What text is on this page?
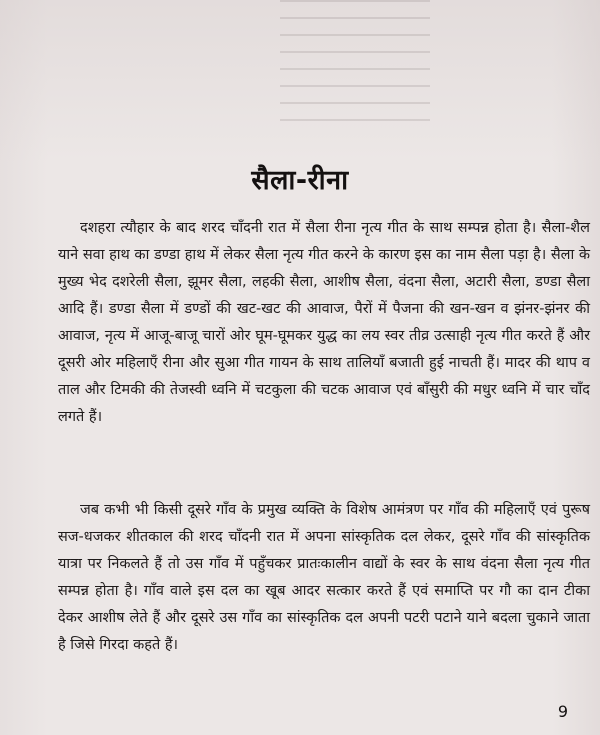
सैला-रीना

दशहरा त्यौहार के बाद शरद चाँदनी रात में सैला रीना नृत्य गीत के साथ सम्पन्न होता है। सैला-शैल याने सवा हाथ का डण्डा हाथ में लेकर सैला नृत्य गीत करने के कारण इस का नाम सैला पड़ा है। सैला के मुख्य भेद दशरेली सैला, झूमर सैला, लहकी सैला, आशीष सैला, वंदना सैला, अटारी सैला, डण्डा सैला आदि हैं। डण्डा सैला में डण्डों की खट-खट की आवाज, पैरों में पैजना की खन-खन व झंनर-झंनर की आवाज, नृत्य में आजू-बाजू चारों ओर घूम-घूमकर युद्ध का लय स्वर तीव्र उत्साही नृत्य गीत करते हैं और दूसरी ओर महिलाएँ रीना और सुआ गीत गायन के साथ तालियाँ बजाती हुई नाचती हैं। मादर की थाप व ताल और टिमकी की तेजस्वी ध्वनि में चटकुला की चटक आवाज एवं बाँसुरी की मधुर ध्वनि में चार चाँद लगते हैं।

जब कभी भी किसी दूसरे गाँव के प्रमुख व्यक्ति के विशेष आमंत्रण पर गाँव की महिलाएँ एवं पुरूष सज-धजकर शीतकाल की शरद चाँदनी रात में अपना सांस्कृतिक दल लेकर, दूसरे गाँव की सांस्कृतिक यात्रा पर निकलते हैं तो उस गाँव में पहुँचकर प्रातःकालीन वाद्यों के स्वर के साथ वंदना सैला नृत्य गीत सम्पन्न होता है। गाँव वाले इस दल का खूब आदर सत्कार करते हैं एवं समाप्ति पर गौ का दान टीका देकर आशीष लेते हैं और दूसरे उस गाँव का सांस्कृतिक दल अपनी पटरी पटाने याने बदला चुकाने जाता है जिसे गिरदा कहते हैं।

9
